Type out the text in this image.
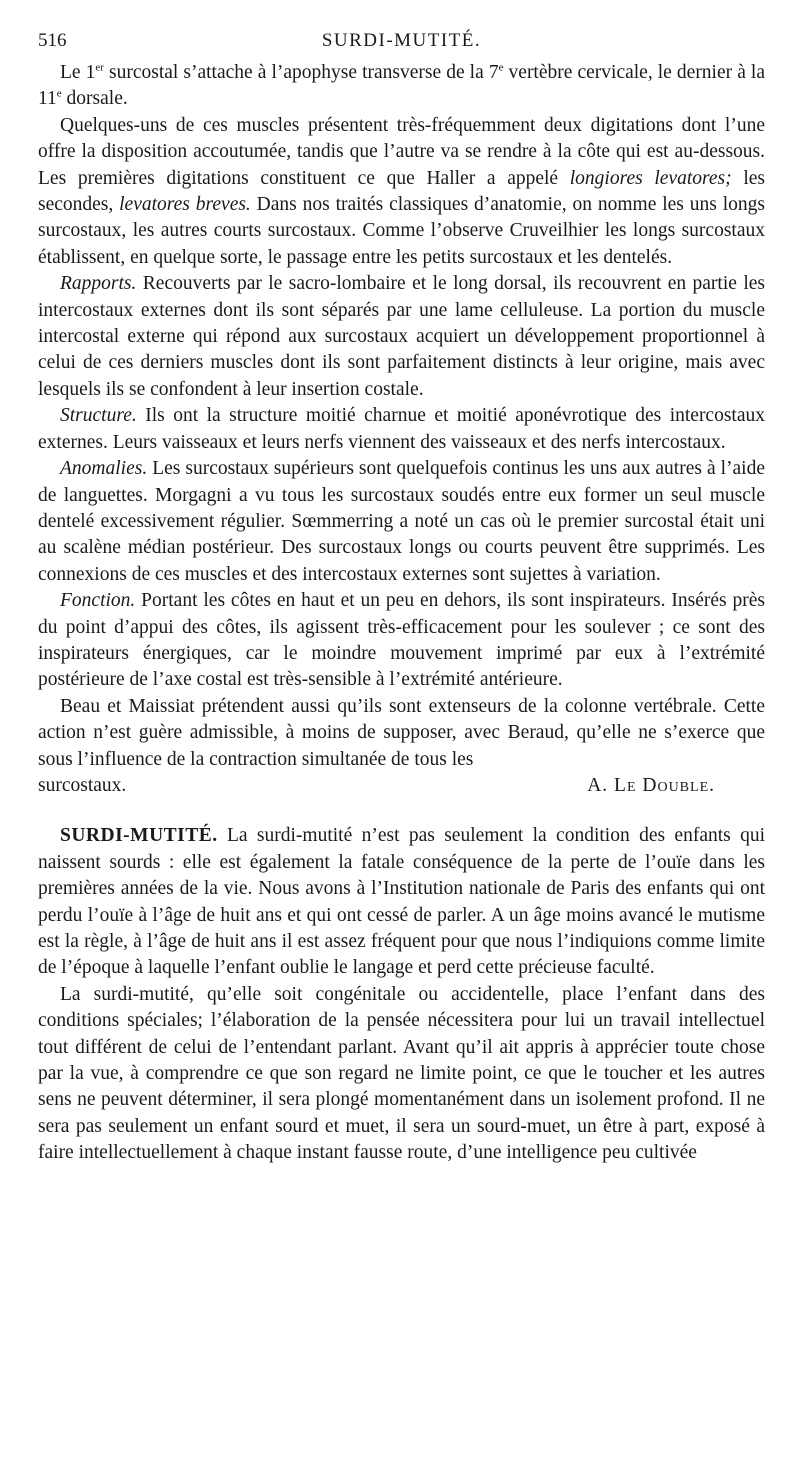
516	SURDI-MUTITÉ.

Le 1er surcostal s’attache à l’apophyse transverse de la 7e vertèbre cervicale, le dernier à la 11e dorsale.

Quelques-uns de ces muscles présentent très-fréquemment deux digitations dont l’une offre la disposition accoutumée, tandis que l’autre va se rendre à la côte qui est au-dessous. Les premières digitations constituent ce que Haller a appelé longiores levatores; les secondes, levatores breves. Dans nos traités classiques d’anatomie, on nomme les uns longs surcostaux, les autres courts surcostaux. Comme l’observe Cruveilhier les longs surcostaux établissent, en quelque sorte, le passage entre les petits surcostaux et les dentelés.

Rapports. Recouverts par le sacro-lombaire et le long dorsal, ils recouvrent en partie les intercostaux externes dont ils sont séparés par une lame celluleuse. La portion du muscle intercostal externe qui répond aux surcostaux acquiert un développement proportionnel à celui de ces derniers muscles dont ils sont parfaitement distincts à leur origine, mais avec lesquels ils se confondent à leur insertion costale.

Structure. Ils ont la structure moitié charnue et moitié aponévrotique des intercostaux externes. Leurs vaisseaux et leurs nerfs viennent des vaisseaux et des nerfs intercostaux.

Anomalies. Les surcostaux supérieurs sont quelquefois continus les uns aux autres à l’aide de languettes. Morgagni a vu tous les surcostaux soudés entre eux former un seul muscle dentelé excessivement régulier. Sœmmerring a noté un cas où le premier surcostal était uni au scalène médian postérieur. Des surcostaux longs ou courts peuvent être supprimés. Les connexions de ces muscles et des intercostaux externes sont sujettes à variation.

Fonction. Portant les côtes en haut et un peu en dehors, ils sont inspirateurs. Insérés près du point d’appui des côtes, ils agissent très-efficacement pour les soulever ; ce sont des inspirateurs énergiques, car le moindre mouvement imprimé par eux à l’extrémité postérieure de l’axe costal est très-sensible à l’extrémité antérieure.

Beau et Maissiat prétendent aussi qu’ils sont extenseurs de la colonne vertébrale. Cette action n’est guère admissible, à moins de supposer, avec Beraud, qu’elle ne s’exerce que sous l’influence de la contraction simultanée de tous les

surcostaux.	A. Le Double.

SURDI-MUTITÉ. La surdi-mutité n’est pas seulement la condition des enfants qui naissent sourds : elle est également la fatale conséquence de la perte de l’ouïe dans les premières années de la vie. Nous avons à l’Institution nationale de Paris des enfants qui ont perdu l’ouïe à l’âge de huit ans et qui ont cessé de parler. A un âge moins avancé le mutisme est la règle, à l’âge de huit ans il est assez fréquent pour que nous l’indiquions comme limite de l’époque à laquelle l’enfant oublie le langage et perd cette précieuse faculté.

La surdi-mutité, qu’elle soit congénitale ou accidentelle, place l’enfant dans des conditions spéciales; l’élaboration de la pensée nécessitera pour lui un travail intellectuel tout différent de celui de l’entendant parlant. Avant qu’il ait appris à apprécier toute chose par la vue, à comprendre ce que son regard ne limite point, ce que le toucher et les autres sens ne peuvent déterminer, il sera plongé momentanément dans un isolement profond. Il ne sera pas seulement un enfant sourd et muet, il sera un sourd-muet, un être à part, exposé à faire intellectuellement à chaque instant fausse route, d’une intelligence peu cultivée
